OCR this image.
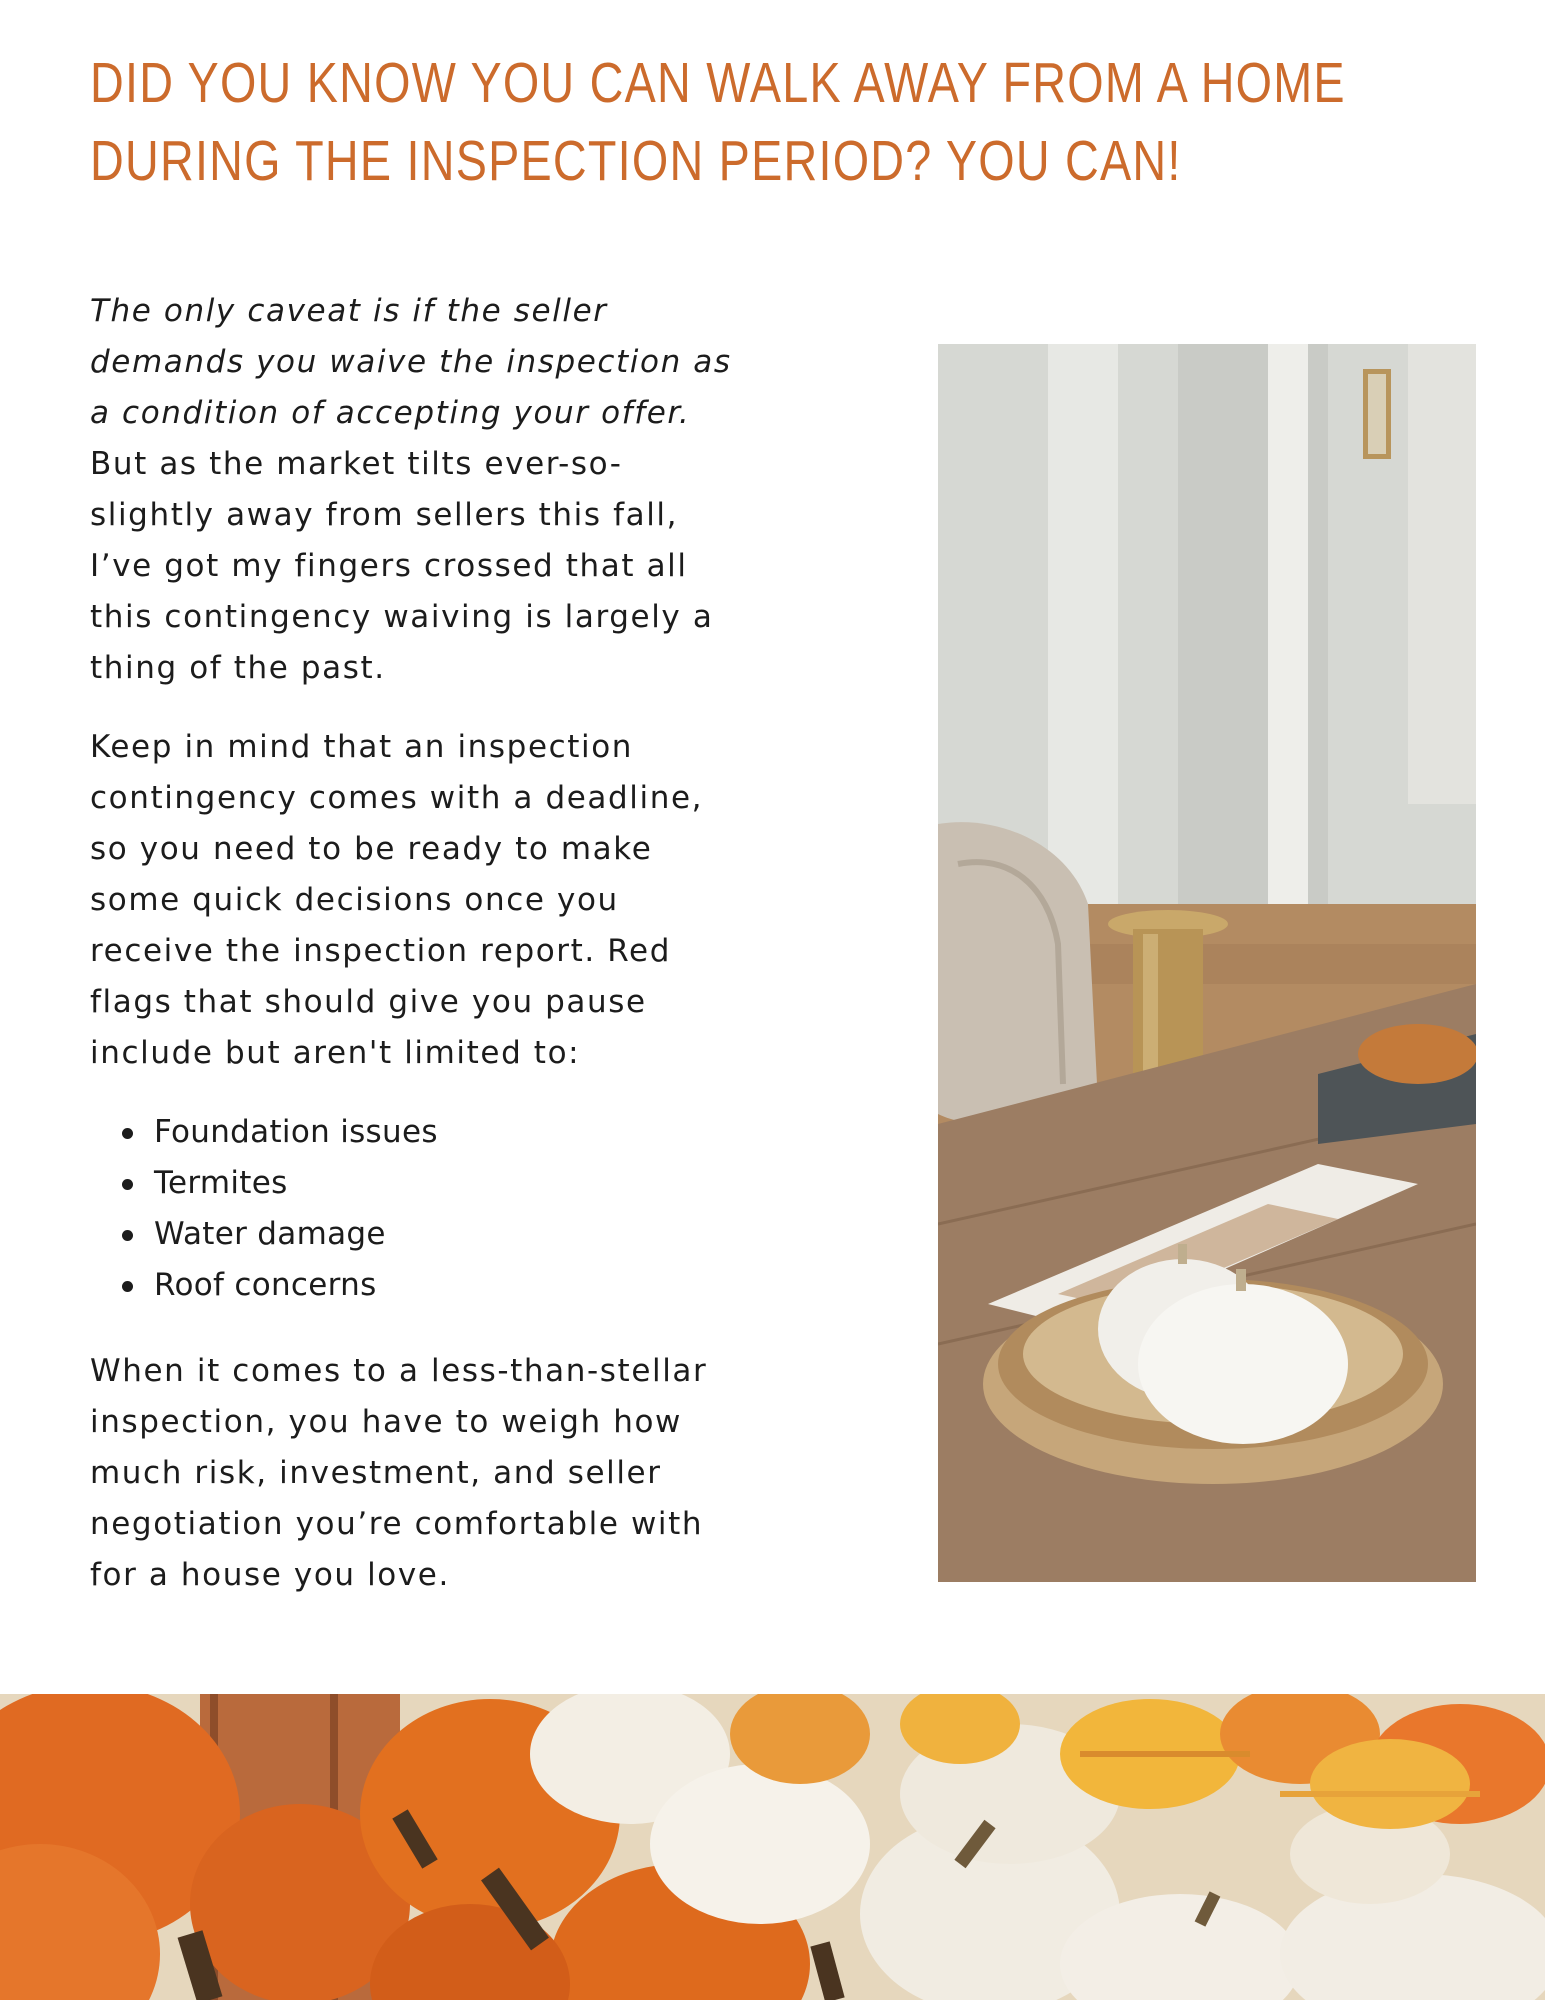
DID YOU KNOW YOU CAN WALK AWAY FROM A HOME
DURING THE INSPECTION PERIOD? YOU CAN!

The only caveat is if the seller
demands you waive the inspection as
a condition of accepting your offer.
But as the market tilts ever-so-
slightly away from sellers this fall,
I’ve got my fingers crossed that all
this contingency waiving is largely a
thing of the past.

Keep in mind that an inspection
contingency comes with a deadline,
so you need to be ready to make
some quick decisions once you
receive the inspection report. Red
flags that should give you pause
include but aren't limited to:

Foundation issues
Termites
Water damage
Roof concerns

When it comes to a less-than-stellar
inspection, you have to weigh how
much risk, investment, and seller
negotiation you’re comfortable with
for a house you love.
